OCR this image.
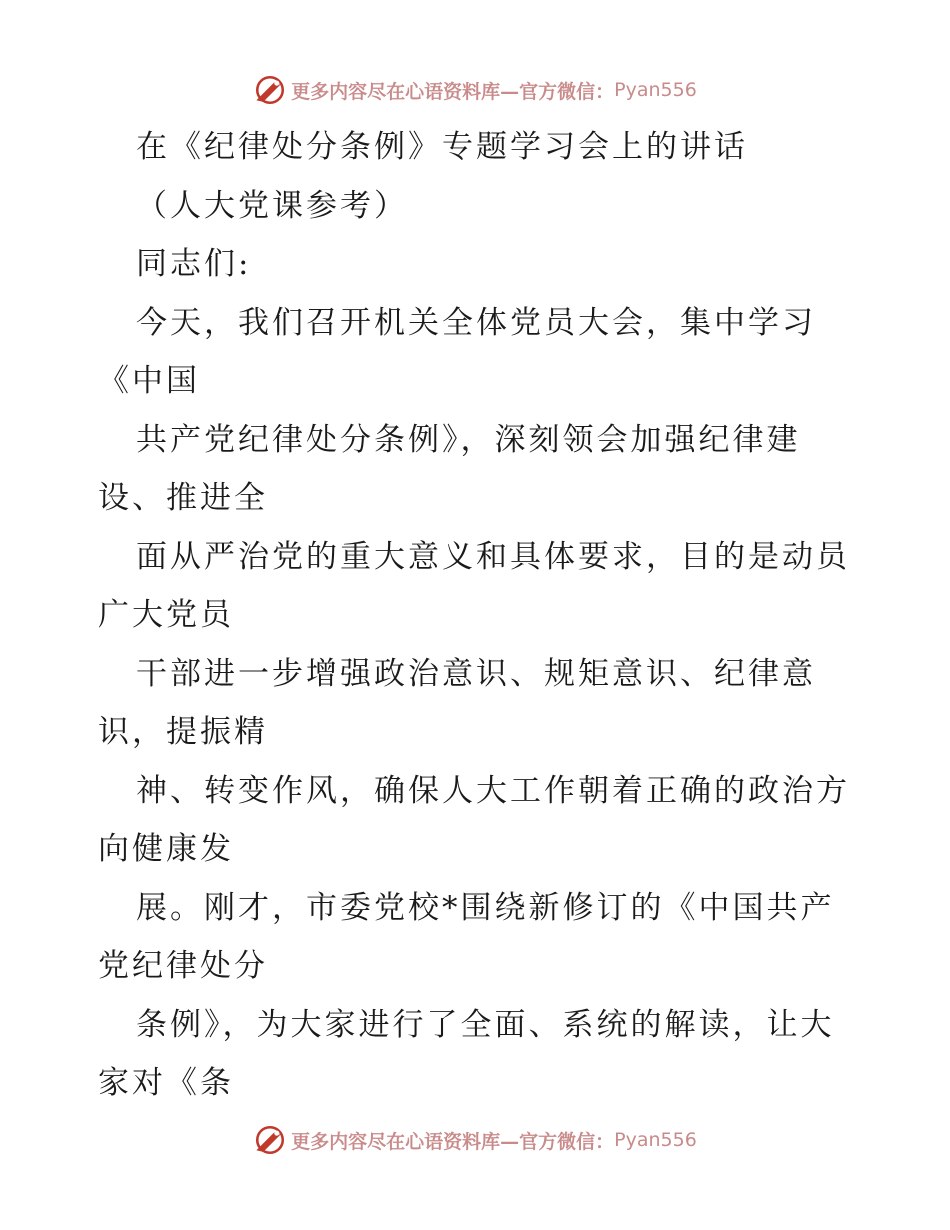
更多内容尽在心语资料库—官方微信： Pyan556
在《纪律处分条例》专题学习会上的讲话
（人大党课参考）
同志们:
今天，我们召开机关全体党员大会，集中学习
《中国
共产党纪律处分条例》，深刻领会加强纪律建
设、推进全
面从严治党的重大意义和具体要求，目的是动员
广大党员
干部进一步增强政治意识、规矩意识、纪律意
识，提振精
神、转变作风，确保人大工作朝着正确的政治方
向健康发
展。刚才，市委党校*围绕新修订的《中国共产
党纪律处分
条例》，为大家进行了全面、系统的解读，让大
家对《条
更多内容尽在心语资料库—官方微信： Pyan556
